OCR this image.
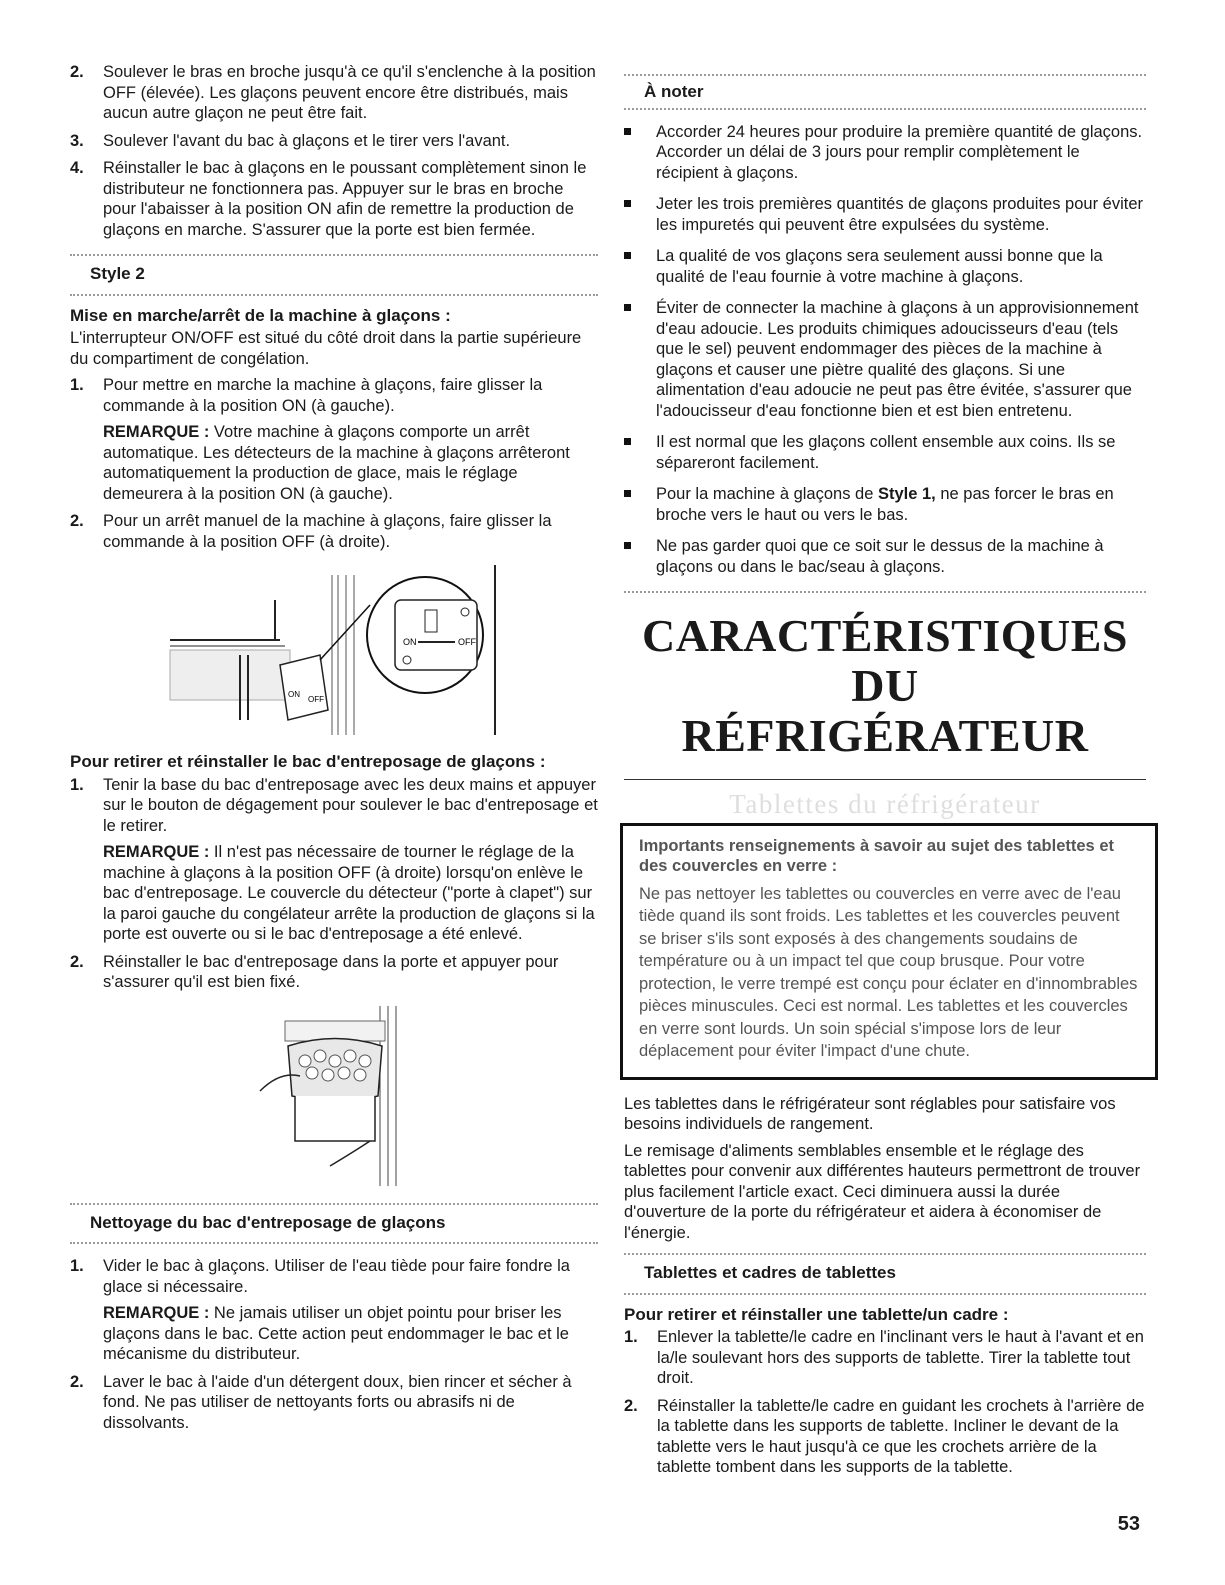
2. Soulever le bras en broche jusqu'à ce qu'il s'enclenche à la position OFF (élevée). Les glaçons peuvent encore être distribués, mais aucun autre glaçon ne peut être fait.
3. Soulever l'avant du bac à glaçons et le tirer vers l'avant.
4. Réinstaller le bac à glaçons en le poussant complètement sinon le distributeur ne fonctionnera pas. Appuyer sur le bras en broche pour l'abaisser à la position ON afin de remettre la production de glaçons en marche. S'assurer que la porte est bien fermée.
Style 2
Mise en marche/arrêt de la machine à glaçons :

L'interrupteur ON/OFF est situé du côté droit dans la partie supérieure du compartiment de congélation.

1. Pour mettre en marche la machine à glaçons, faire glisser la commande à la position ON (à gauche).
REMARQUE : Votre machine à glaçons comporte un arrêt automatique. Les détecteurs de la machine à glaçons arrêteront automatiquement la production de glace, mais le réglage demeurera à la position ON (à gauche).
2. Pour un arrêt manuel de la machine à glaçons, faire glisser la commande à la position OFF (à droite).
ON
OFF
ON	OFF
Pour retirer et réinstaller le bac d'entreposage de glaçons :
1. Tenir la base du bac d'entreposage avec les deux mains et appuyer sur le bouton de dégagement pour soulever le bac d'entreposage et le retirer.
REMARQUE : Il n'est pas nécessaire de tourner le réglage de la machine à glaçons à la position OFF (à droite) lorsqu'on enlève le bac d'entreposage. Le couvercle du détecteur ("porte à clapet") sur la paroi gauche du congélateur arrête la production de glaçons si la porte est ouverte ou si le bac d'entreposage a été enlevé.
2. Réinstaller le bac d'entreposage dans la porte et appuyer pour s'assurer qu'il est bien fixé.
Nettoyage du bac d'entreposage de glaçons
1. Vider le bac à glaçons. Utiliser de l'eau tiède pour faire fondre la glace si nécessaire.
REMARQUE : Ne jamais utiliser un objet pointu pour briser les glaçons dans le bac. Cette action peut endommager le bac et le mécanisme du distributeur.
2. Laver le bac à l'aide d'un détergent doux, bien rincer et sécher à fond. Ne pas utiliser de nettoyants forts ou abrasifs ni de dissolvants.
À noter
Accorder 24 heures pour produire la première quantité de glaçons. Accorder un délai de 3 jours pour remplir complètement le récipient à glaçons.
Jeter les trois premières quantités de glaçons produites pour éviter les impuretés qui peuvent être expulsées du système.
La qualité de vos glaçons sera seulement aussi bonne que la qualité de l'eau fournie à votre machine à glaçons.
Éviter de connecter la machine à glaçons à un approvisionnement d'eau adoucie. Les produits chimiques adoucisseurs d'eau (tels que le sel) peuvent endommager des pièces de la machine à glaçons et causer une piètre qualité des glaçons. Si une alimentation d'eau adoucie ne peut pas être évitée, s'assurer que l'adoucisseur d'eau fonctionne bien et est bien entretenu.
Il est normal que les glaçons collent ensemble aux coins. Ils se sépareront facilement.
Pour la machine à glaçons de Style 1, ne pas forcer le bras en broche vers le haut ou vers le bas.
Ne pas garder quoi que ce soit sur le dessus de la machine à glaçons ou dans le bac/seau à glaçons.
CARACTÉRISTIQUES DU
RÉFRIGÉRATEUR
Tablettes du réfrigérateur
Importants renseignements à savoir au sujet des tablettes et des couvercles en verre :
Ne pas nettoyer les tablettes ou couvercles en verre avec de l'eau tiède quand ils sont froids. Les tablettes et les couvercles peuvent se briser s'ils sont exposés à des changements soudains de température ou à un impact tel que coup brusque. Pour votre protection, le verre trempé est conçu pour éclater en d'innombrables pièces minuscules. Ceci est normal. Les tablettes et les couvercles en verre sont lourds. Un soin spécial s'impose lors de leur déplacement pour éviter l'impact d'une chute.

Les tablettes dans le réfrigérateur sont réglables pour satisfaire vos besoins individuels de rangement.

Le remisage d'aliments semblables ensemble et le réglage des tablettes pour convenir aux différentes hauteurs permettront de trouver plus facilement l'article exact. Ceci diminuera aussi la durée d'ouverture de la porte du réfrigérateur et aidera à économiser de l'énergie.

Tablettes et cadres de tablettes
Pour retirer et réinstaller une tablette/un cadre :
1. Enlever la tablette/le cadre en l'inclinant vers le haut à l'avant et en la/le soulevant hors des supports de tablette. Tirer la tablette tout droit.
2. Réinstaller la tablette/le cadre en guidant les crochets à l'arrière de la tablette dans les supports de tablette. Incliner le devant de la tablette vers le haut jusqu'à ce que les crochets arrière de la tablette tombent dans les supports de la tablette.
53
